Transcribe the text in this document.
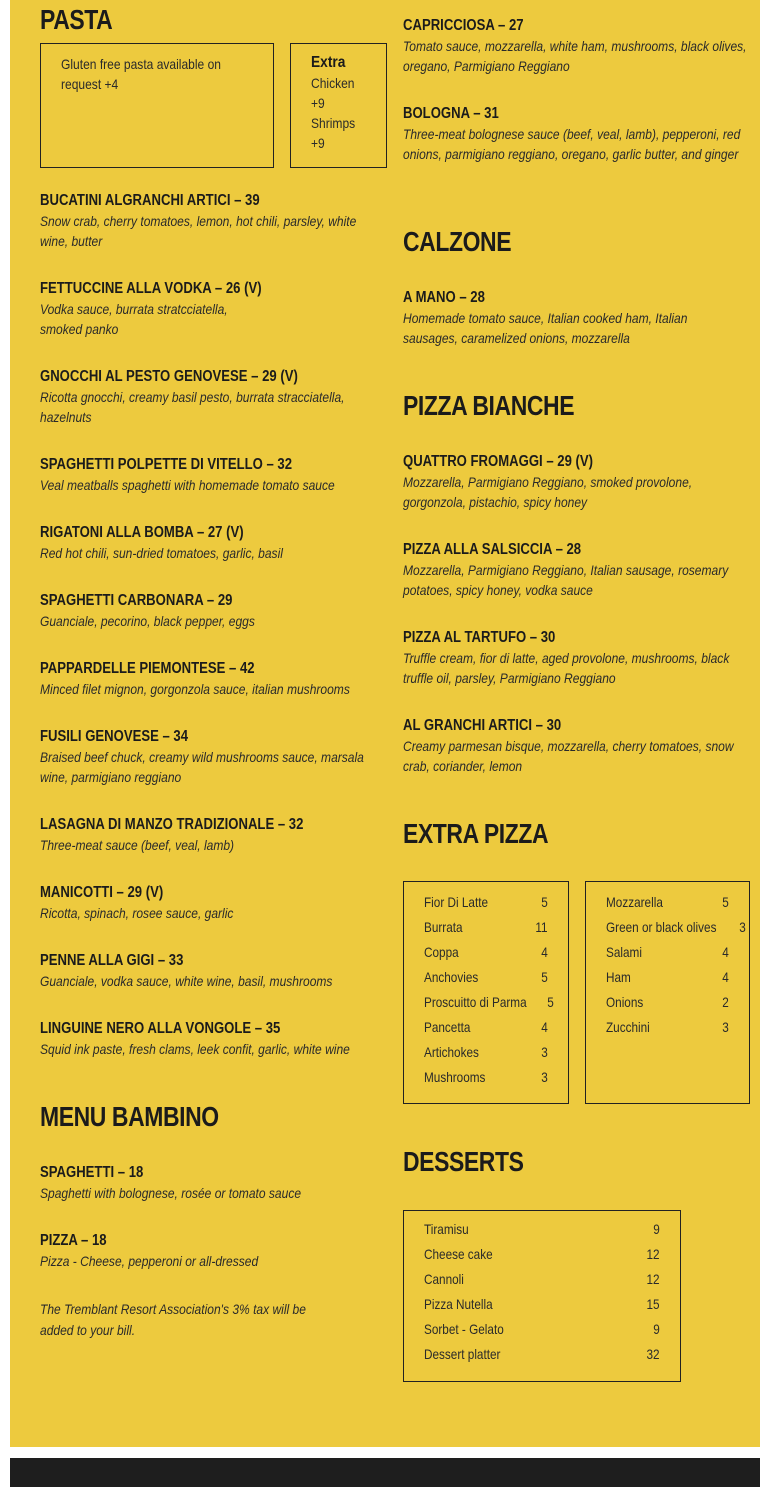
PASTA
Gluten free pasta available on request +4
Extra
Chicken
+9
Shrimps
+9
BUCATINI ALGRANCHI ARTICI – 39
Snow crab, cherry tomatoes, lemon, hot chili, parsley, white wine, butter
FETTUCCINE ALLA VODKA – 26 (V)
Vodka sauce, burrata stratcciatella, smoked panko
GNOCCHI AL PESTO GENOVESE – 29 (V)
Ricotta gnocchi, creamy basil pesto, burrata stracciatella, hazelnuts
SPAGHETTI POLPETTE DI VITELLO – 32
Veal meatballs spaghetti with homemade tomato sauce
RIGATONI ALLA BOMBA – 27 (V)
Red hot chili, sun-dried tomatoes, garlic, basil
SPAGHETTI CARBONARA – 29
Guanciale, pecorino, black pepper, eggs
PAPPARDELLE PIEMONTESE – 42
Minced filet mignon, gorgonzola sauce, italian mushrooms
FUSILI GENOVESE – 34
Braised beef chuck, creamy wild mushrooms sauce, marsala wine, parmigiano reggiano
LASAGNA DI MANZO TRADIZIONALE – 32
Three-meat sauce (beef, veal, lamb)
MANICOTTI – 29 (V)
Ricotta, spinach, rosee sauce, garlic
PENNE ALLA GIGI – 33
Guanciale, vodka sauce, white wine, basil, mushrooms
LINGUINE NERO ALLA VONGOLE – 35
Squid ink paste, fresh clams, leek confit, garlic, white wine
MENU BAMBINO
SPAGHETTI – 18
Spaghetti with bolognese, rosée or tomato sauce
PIZZA – 18
Pizza - Cheese, pepperoni or all-dressed
The Tremblant Resort Association's 3% tax will be added to your bill.
CAPRICCIOSA – 27
Tomato sauce, mozzarella, white ham, mushrooms, black olives, oregano, Parmigiano Reggiano
BOLOGNA – 31
Three-meat bolognese sauce (beef, veal, lamb), pepperoni, red onions, parmigiano reggiano, oregano, garlic butter, and ginger
CALZONE
A MANO – 28
Homemade tomato sauce, Italian cooked ham, Italian sausages, caramelized onions, mozzarella
PIZZA BIANCHE
QUATTRO FROMAGGI – 29 (V)
Mozzarella, Parmigiano Reggiano, smoked provolone, gorgonzola, pistachio, spicy honey
PIZZA ALLA SALSICCIA – 28
Mozzarella, Parmigiano Reggiano, Italian sausage, rosemary potatoes, spicy honey, vodka sauce
PIZZA AL TARTUFO – 30
Truffle cream, fior di latte, aged provolone, mushrooms, black truffle oil, parsley, Parmigiano Reggiano
AL GRANCHI ARTICI – 30
Creamy parmesan bisque, mozzarella, cherry tomatoes, snow crab, coriander, lemon
EXTRA PIZZA
Fior Di Latte	5
Burrata	11
Coppa	4
Anchovies	5
Proscuitto di Parma 5
Pancetta	4
Artichokes	3
Mushrooms	3
Mozzarella	5
Green or black olives 3
Salami	4
Ham	4
Onions	2
Zucchini	3
DESSERTS
Tiramisu	9
Cheese cake	12
Cannoli	12
Pizza Nutella	15
Sorbet - Gelato	9
Dessert platter	32
